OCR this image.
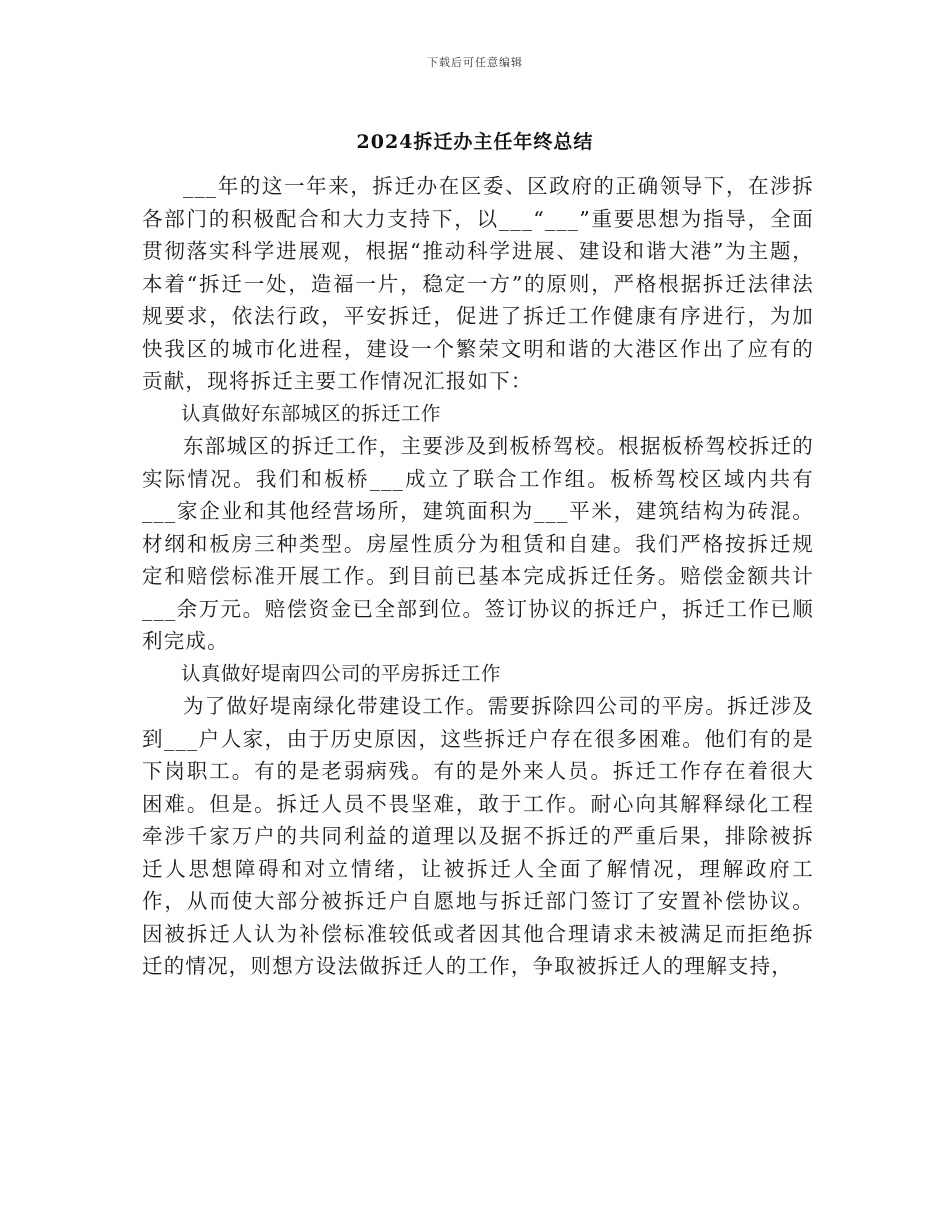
下载后可任意编辑
2024拆迁办主任年终总结

___年的这一年来，拆迁办在区委、区政府的正确领导下，在涉拆各部门的积极配合和大力支持下，以___“___”重要思想为指导，全面贯彻落实科学进展观，根据“推动科学进展、建设和谐大港”为主题，本着“拆迁一处，造福一片，稳定一方”的原则，严格根据拆迁法律法规要求，依法行政，平安拆迁，促进了拆迁工作健康有序进行，为加快我区的城市化进程，建设一个繁荣文明和谐的大港区作出了应有的贡献，现将拆迁主要工作情况汇报如下：

认真做好东部城区的拆迁工作

东部城区的拆迁工作，主要涉及到板桥驾校。根据板桥驾校拆迁的实际情况。我们和板桥___成立了联合工作组。板桥驾校区域内共有___家企业和其他经营场所，建筑面积为___平米，建筑结构为砖混。材纲和板房三种类型。房屋性质分为租赁和自建。我们严格按拆迁规定和赔偿标准开展工作。到目前已基本完成拆迁任务。赔偿金额共计___余万元。赔偿资金已全部到位。签订协议的拆迁户，拆迁工作已顺利完成。

认真做好堤南四公司的平房拆迁工作

为了做好堤南绿化带建设工作。需要拆除四公司的平房。拆迁涉及到___户人家，由于历史原因，这些拆迁户存在很多困难。他们有的是下岗职工。有的是老弱病残。有的是外来人员。拆迁工作存在着很大困难。但是。拆迁人员不畏坚难，敢于工作。耐心向其解释绿化工程牵涉千家万户的共同利益的道理以及据不拆迁的严重后果，排除被拆迁人思想障碍和对立情绪，让被拆迁人全面了解情况，理解政府工作，从而使大部分被拆迁户自愿地与拆迁部门签订了安置补偿协议。因被拆迁人认为补偿标准较低或者因其他合理请求未被满足而拒绝拆迁的情况，则想方设法做拆迁人的工作，争取被拆迁人的理解支持，
